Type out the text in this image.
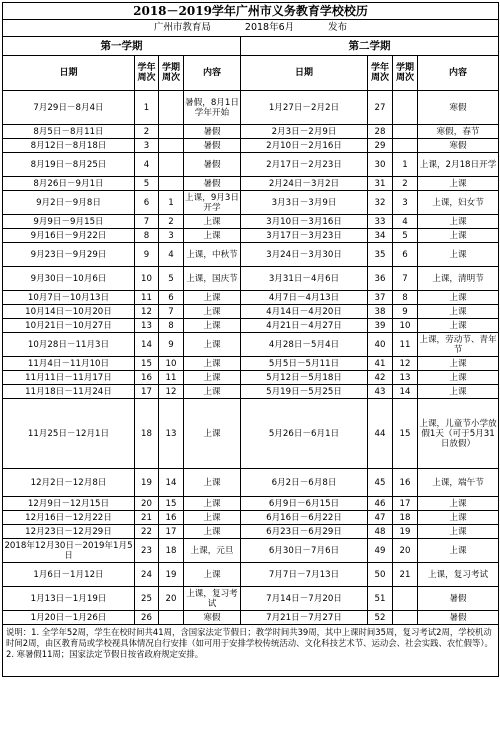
2018－2019学年广州市义务教育学校校历							
广州市教育局 2018年6月 发布							
第一学期				第二学期			
日期	学年周次	学期周次	内容	日期	学年周次	学期周次	内容
7月29日－8月4日	1		暑假，8月1日学年开始	1月27日－2月2日	27		寒假
8月5日－8月11日	2		暑假	2月3日－2月9日	28		寒假，春节
8月12日－8月18日	3		暑假	2月10日－2月16日	29		寒假
8月19日－8月25日	4		暑假	2月17日－2月23日	30	1	上课，2月18日开学
8月26日－9月1日	5		暑假	2月24日－3月2日	31	2	上课
9月2日－9月8日	6	1	上课，9月3日开学	3月3日－3月9日	32	3	上课，妇女节
9月9日－9月15日	7	2	上课	3月10日－3月16日	33	4	上课
9月16日－9月22日	8	3	上课	3月17日－3月23日	34	5	上课
9月23日－9月29日	9	4	上课，中秋节	3月24日－3月30日	35	6	上课
9月30日－10月6日	10	5	上课，国庆节	3月31日－4月6日	36	7	上课，清明节
10月7日－10月13日	11	6	上课	4月7日－4月13日	37	8	上课
10月14日－10月20日	12	7	上课	4月14日－4月20日	38	9	上课
10月21日－10月27日	13	8	上课	4月21日－4月27日	39	10	上课
10月28日－11月3日	14	9	上课	4月28日－5月4日	40	11	上课，劳动节、青年节
11月4日－11月10日	15	10	上课	5月5日－5月11日	41	12	上课
11月11日－11月17日	16	11	上课	5月12日－5月18日	42	13	上课
11月18日－11月24日	17	12	上课	5月19日－5月25日	43	14	上课
11月25日－12月1日	18	13	上课	5月26日－6月1日	44	15	上课，儿童节小学放假1天（可于5月31日放假）
12月2日－12月8日	19	14	上课	6月2日－6月8日	45	16	上课，端午节
12月9日－12月15日	20	15	上课	6月9日－6月15日	46	17	上课
12月16日－12月22日	21	16	上课	6月16日－6月22日	47	18	上课
12月23日－12月29日	22	17	上课	6月23日－6月29日	48	19	上课
2018年12月30日－2019年1月5日	23	18	上课，元旦	6月30日－7月6日	49	20	上课
1月6日－1月12日	24	19	上课	7月7日－7月13日	50	21	上课，复习考试
1月13日－1月19日	25	20	上课，复习考试	7月14日－7月20日	51		暑假
1月20日－1月26日	26		寒假	7月21日－7月27日	52		暑假
说明：1. 全学年52周，学生在校时间共41周，含国家法定节假日；教学时间共39周，其中上课时间35周，复习考试2周，学校机动时间2周，由区教育局或学校视具体情况自行安排（如可用于安排学校传统活动、文化科技艺术节、运动会、社会实践、农忙假等）。2. 寒暑假11周；国家法定节假日按省政府规定安排。							
